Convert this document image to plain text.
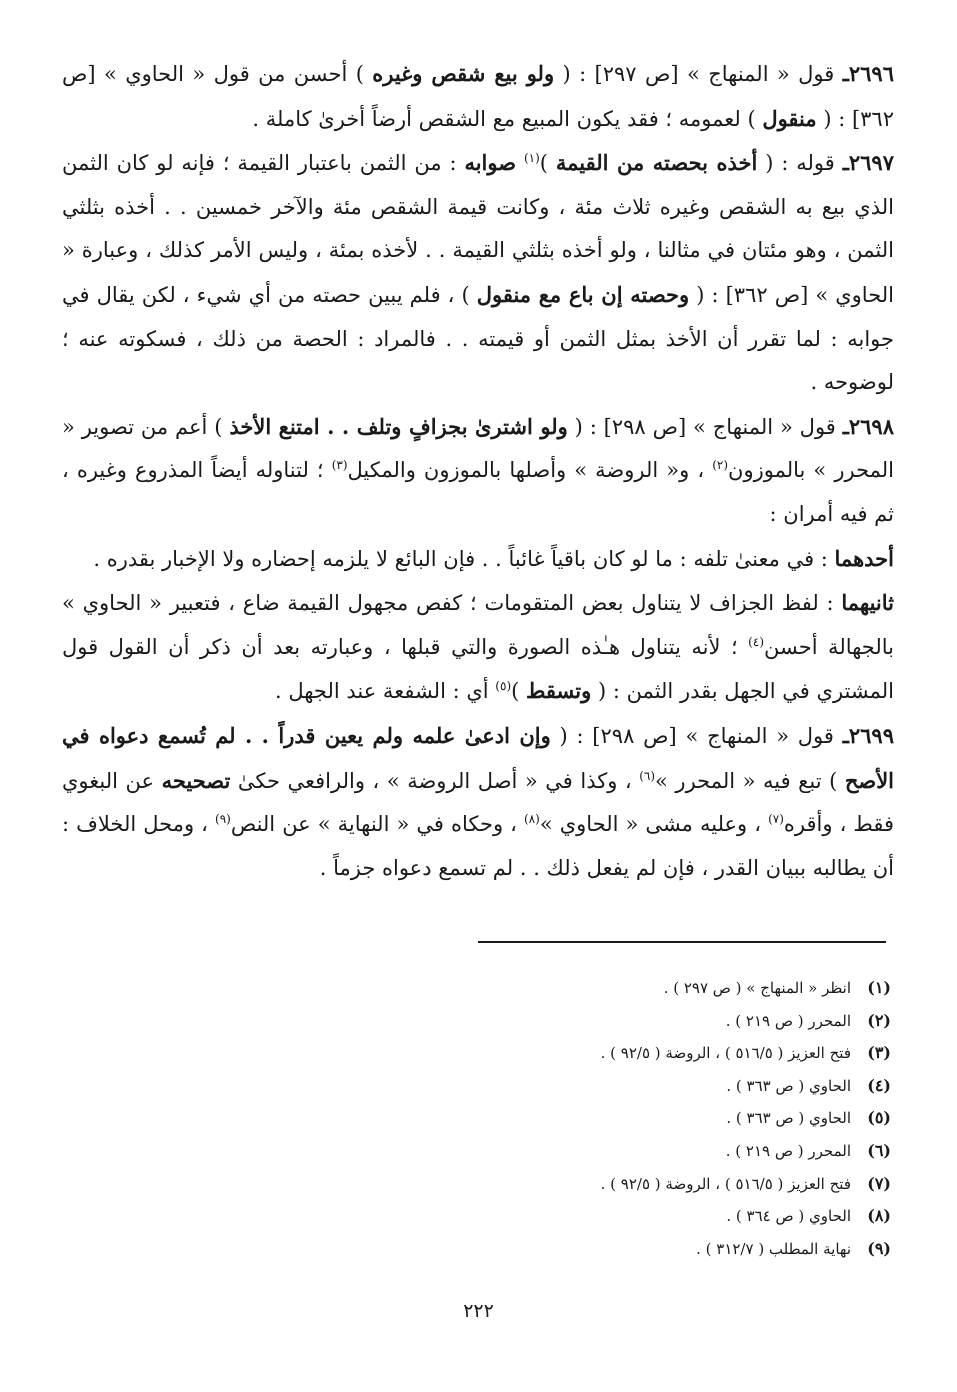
٢٦٩٦ـ قول « المنهاج » [ص ٢٩٧] : ( ولو بيع شقص وغيره ) أحسن من قول « الحاوي » [ص ٣٦٢] : ( منقول ) لعمومه ؛ فقد يكون المبيع مع الشقص أرضاً أخرىٰ كاملة .

٢٦٩٧ـ قوله : ( أخذه بحصته من القيمة )$^{(١)}$ صوابه : من الثمن باعتبار القيمة ؛ فإنه لو كان الثمن الذي بيع به الشقص وغيره ثلاث مئة ، وكانت قيمة الشقص مئة والآخر خمسين . . أخذه بثلثي الثمن ، وهو مئتان في مثالنا ، ولو أخذه بثلثي القيمة . . لأخذه بمئة ، وليس الأمر كذلك ، وعبارة « الحاوي » [ص ٣٦٢] : ( وحصته إن باع مع منقول ) ، فلم يبين حصته من أي شيء ، لكن يقال في جوابه : لما تقرر أن الأخذ بمثل الثمن أو قيمته . . فالمراد : الحصة من ذلك ، فسكوته عنه ؛ لوضوحه .

٢٦٩٨ـ قول « المنهاج » [ص ٢٩٨] : ( ولو اشترىٰ بجزافٍ وتلف . . امتنع الأخذ ) أعم من تصوير « المحرر » بالموزون$^{(٢)}$ ، و« الروضة » وأصلها بالموزون والمكيل$^{(٣)}$ ؛ لتناوله أيضاً المذروع وغيره ، ثم فيه أمران :

أحدهما : في معنىٰ تلفه : ما لو كان باقياً غائباً . . فإن البائع لا يلزمه إحضاره ولا الإخبار بقدره .

ثانيهما : لفظ الجزاف لا يتناول بعض المتقومات ؛ كفص مجهول القيمة ضاع ، فتعبير « الحاوي » بالجهالة أحسن$^{(٤)}$ ؛ لأنه يتناول هـٰذه الصورة والتي قبلها ، وعبارته بعد أن ذكر أن القول قول المشتري في الجهل بقدر الثمن : ( وتسقط )$^{(٥)}$ أي : الشفعة عند الجهل .

٢٦٩٩ـ قول « المنهاج » [ص ٢٩٨] : ( وإن ادعىٰ علمه ولم يعين قدراً . . لم تُسمع دعواه في الأصح ) تبع فيه « المحرر »$^{(٦)}$ ، وكذا في « أصل الروضة » ، والرافعي حكىٰ تصحيحه عن البغوي فقط ، وأقره$^{(٧)}$ ، وعليه مشى « الحاوي »$^{(٨)}$ ، وحكاه في « النهاية » عن النص$^{(٩)}$ ، ومحل الخلاف : أن يطالبه ببيان القدر ، فإن لم يفعل ذلك . . لم تسمع دعواه جزماً .

(١)
انظر « المنهاج » ( ص ٢٩٧ ) .
(٢)
المحرر ( ص ٢١٩ ) .
(٣)
فتح العزيز ( ٥١٦/٥ ) ، الروضة ( ٩٢/٥ ) .
(٤)
الحاوي ( ص ٣٦٣ ) .
(٥)
الحاوي ( ص ٣٦٣ ) .
(٦)
المحرر ( ص ٢١٩ ) .
(٧)
فتح العزيز ( ٥١٦/٥ ) ، الروضة ( ٩٢/٥ ) .
(٨)
الحاوي ( ص ٣٦٤ ) .
(٩)
نهاية المطلب ( ٣١٢/٧ ) .
٢٢٢
